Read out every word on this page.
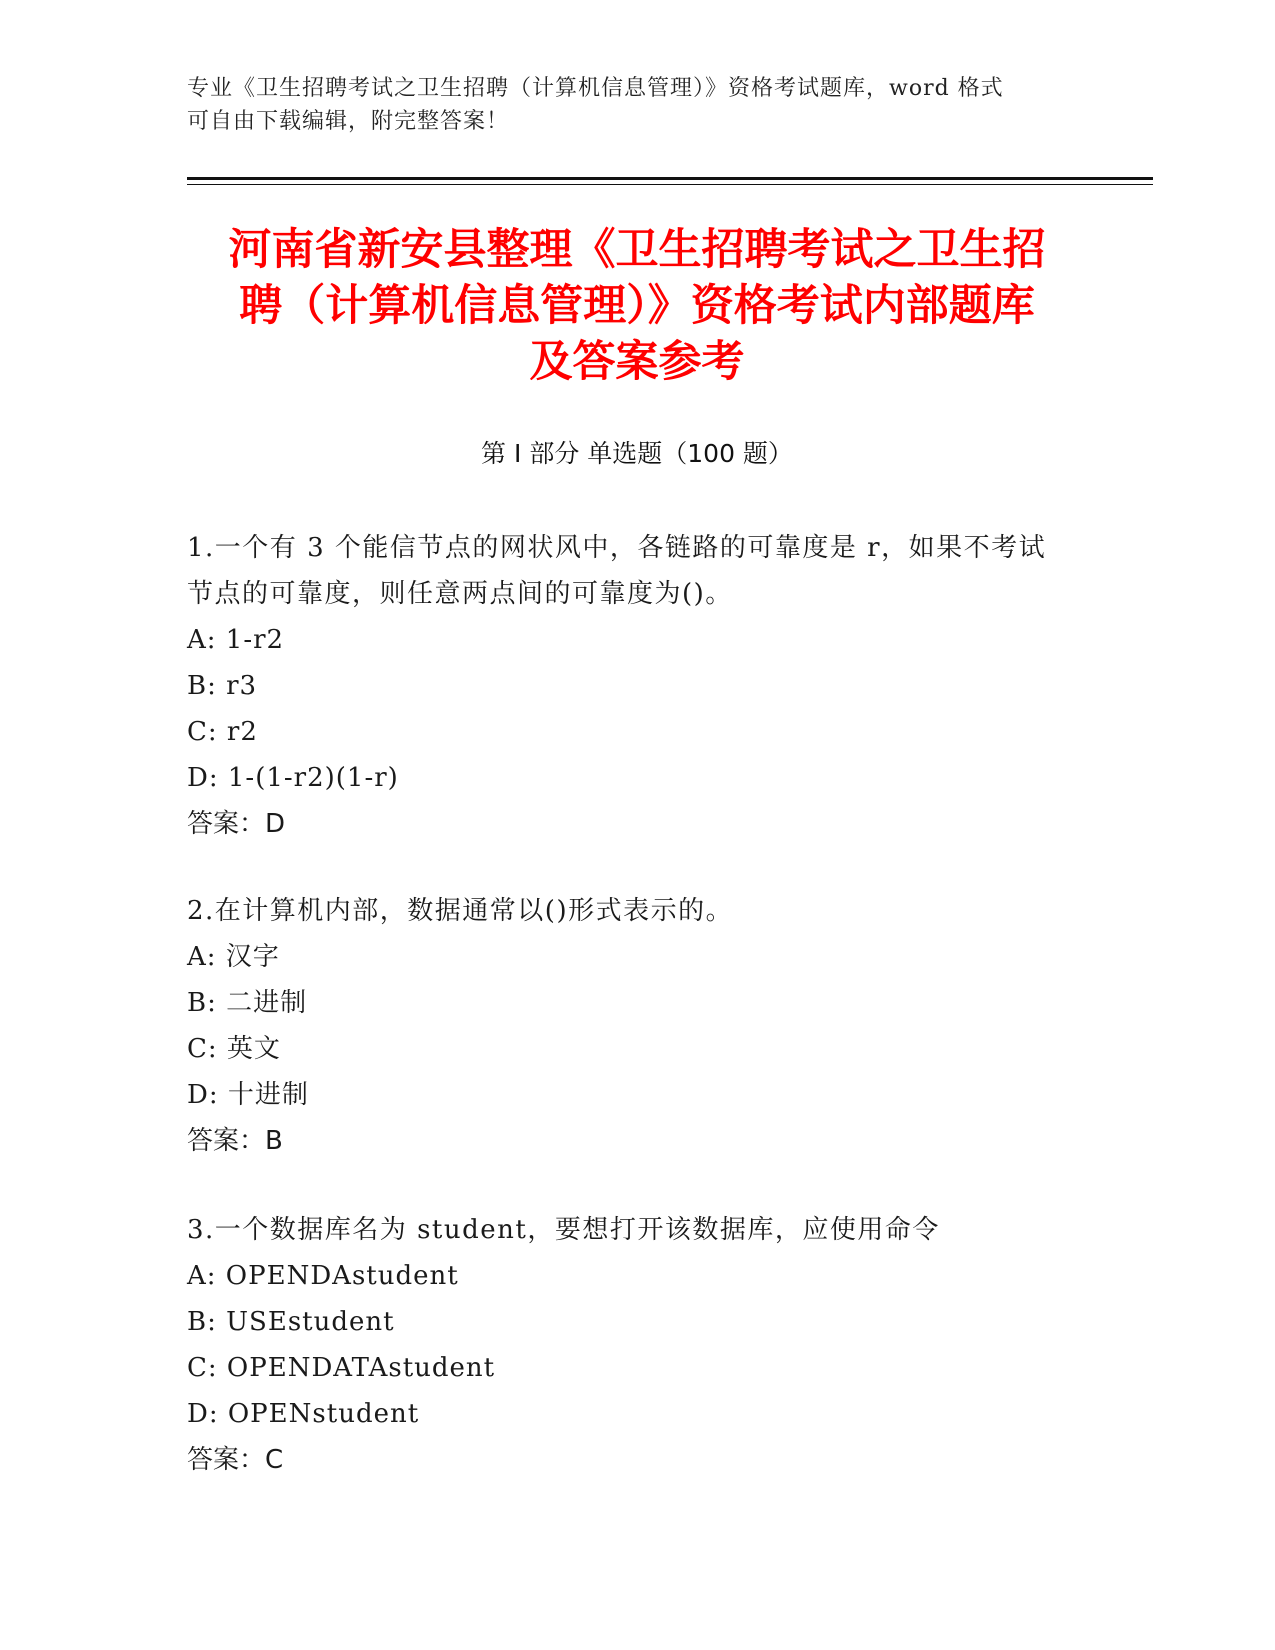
专业《卫生招聘考试之卫生招聘（计算机信息管理）》资格考试题库，word 格式
可自由下载编辑，附完整答案！
河南省新安县整理《卫生招聘考试之卫生招
聘（计算机信息管理）》资格考试内部题库
及答案参考
第 I 部分 单选题（100 题）

1.一个有 3 个能信节点的网状风中，各链路的可靠度是 r，如果不考试

节点的可靠度，则任意两点间的可靠度为()。

A: 1-r2

B: r3

C: r2

D: 1-(1-r2)(1-r)

答案：D

2.在计算机内部，数据通常以()形式表示的。

A: 汉字

B: 二进制

C: 英文

D: 十进制

答案：B

3.一个数据库名为 student，要想打开该数据库，应使用命令

A: OPENDAstudent

B: USEstudent

C: OPENDATAstudent

D: OPENstudent

答案：C
